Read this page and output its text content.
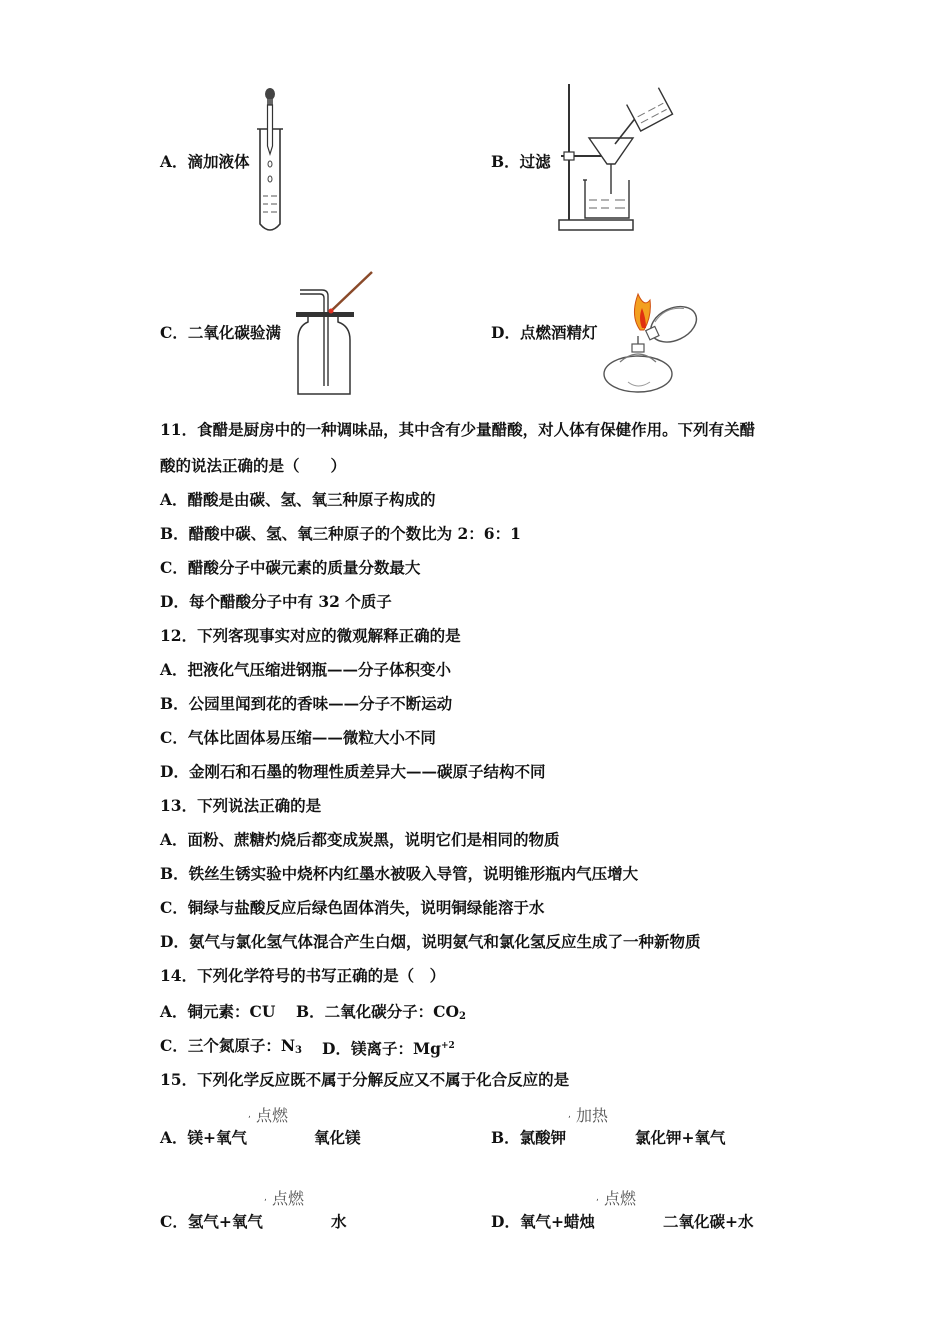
A．滴加液体	B．过滤
C．二氧化碳验满	D．点燃酒精灯
11．食醋是厨房中的一种调味品，其中含有少量醋酸，对人体有保健作用。下列有关醋
酸的说法正确的是（　　）
A．醋酸是由碳、氢、氧三种原子构成的
B．醋酸中碳、氢、氧三种原子的个数比为 2：6：1
C．醋酸分子中碳元素的质量分数最大
D．每个醋酸分子中有 32 个质子
12．下列客现事实对应的微观解释正确的是
A．把液化气压缩进钢瓶——分子体积变小
B．公园里闻到花的香味——分子不断运动
C．气体比固体易压缩——微粒大小不同
D．金刚石和石墨的物理性质差异大——碳原子结构不同
13．下列说法正确的是
A．面粉、蔗糖灼烧后都变成炭黑，说明它们是相同的物质
B．铁丝生锈实验中烧杯内红墨水被吸入导管，说明锥形瓶内气压增大
C．铜绿与盐酸反应后绿色固体消失，说明铜绿能溶于水
D．氨气与氯化氢气体混合产生白烟，说明氨气和氯化氢反应生成了一种新物质
14．下列化学符号的书写正确的是（　）
A．铜元素：CU B．二氧化碳分子：$CO_2$
C．三个氮原子：$N_3$ D．镁离子：$Mg^{+2}$
15．下列化学反应既不属于分解反应又不属于化合反应的是
, 点燃
A．镁+氧气	氧化镁
, 加热
B．氯酸钾	氯化钾+氧气
, 点燃
C．氢气+氧气	水
, 点燃
D．氧气+蜡烛	二氧化碳+水
